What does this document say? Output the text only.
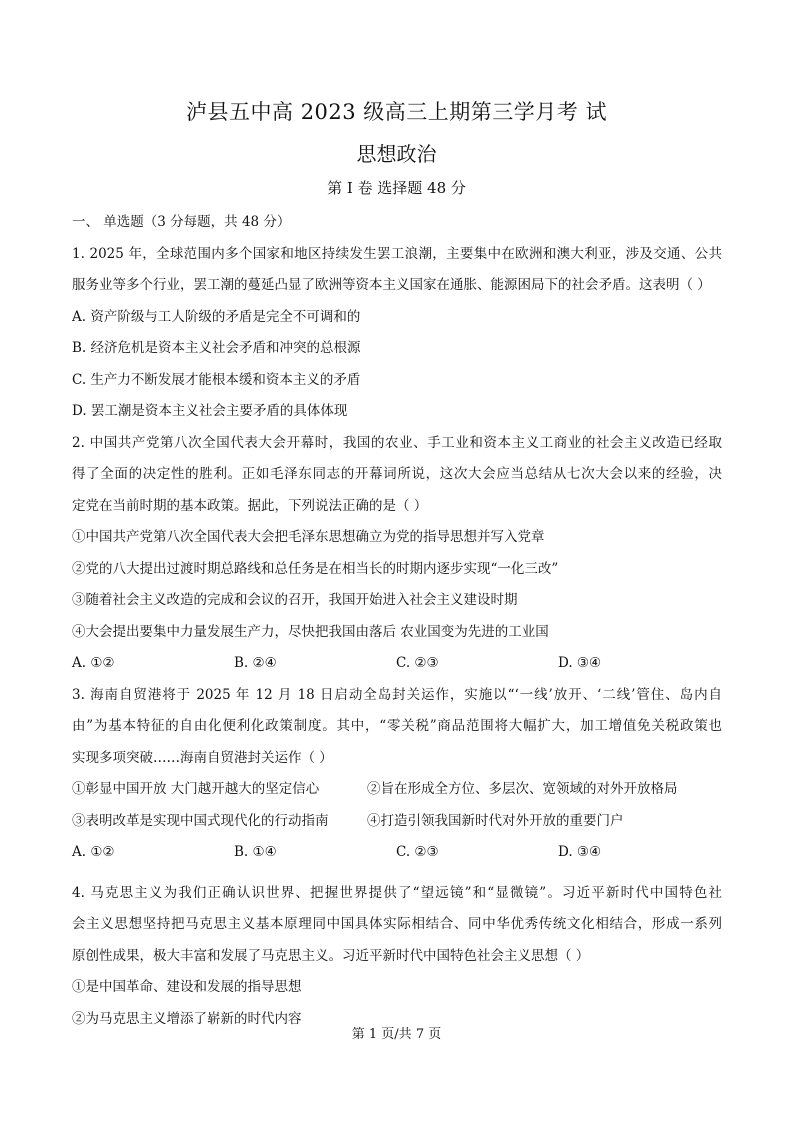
泸县五中高 2023 级高三上期第三学月考 试
思想政治
第 I 卷 选择题 48 分
一、 单选题（3 分每题，共 48 分）
1. 2025 年，全球范围内多个国家和地区持续发生罢工浪潮，主要集中在欧洲和澳大利亚，涉及交通、公共
服务业等多个行业，罢工潮的蔓延凸显了欧洲等资本主义国家在通胀、能源困局下的社会矛盾。这表明（ ）
A. 资产阶级与工人阶级的矛盾是完全不可调和的
B. 经济危机是资本主义社会矛盾和冲突的总根源
C. 生产力不断发展才能根本缓和资本主义的矛盾
D. 罢工潮是资本主义社会主要矛盾的具体体现
2. 中国共产党第八次全国代表大会开幕时，我国的农业、手工业和资本主义工商业的社会主义改造已经取
得了全面的决定性的胜利。正如毛泽东同志的开幕词所说，这次大会应当总结从七次大会以来的经验，决
定党在当前时期的基本政策。据此，下列说法正确的是（ ）
①中国共产党第八次全国代表大会把毛泽东思想确立为党的指导思想并写入党章
②党的八大提出过渡时期总路线和总任务是在相当长的时期内逐步实现“一化三改”
③随着社会主义改造的完成和会议的召开，我国开始进入社会主义建设时期
④大会提出要集中力量发展生产力，尽快把我国由落后 农业国变为先进的工业国
A. ①②	B. ②④	C. ②③	D. ③④
3. 海南自贸港将于 2025 年 12 月 18 日启动全岛封关运作，实施以“‘一线’放开、‘二线’管住、岛内自
由”为基本特征的自由化便利化政策制度。其中，“零关税”商品范围将大幅扩大，加工增值免关税政策也
实现多项突破……海南自贸港封关运作（ ）
①彰显中国开放 大门越开越大的坚定信心	②旨在形成全方位、多层次、宽领域的对外开放格局
③表明改革是实现中国式现代化的行动指南	④打造引领我国新时代对外开放的重要门户
A. ①②	B. ①④	C. ②③	D. ③④
4. 马克思主义为我们正确认识世界、把握世界提供了“望远镜”和“显微镜”。习近平新时代中国特色社
会主义思想坚持把马克思主义基本原理同中国具体实际相结合、同中华优秀传统文化相结合，形成一系列
原创性成果，极大丰富和发展了马克思主义。习近平新时代中国特色社会主义思想（ ）
①是中国革命、建设和发展的指导思想
②为马克思主义增添了崭新的时代内容
第 1 页/共 7 页
